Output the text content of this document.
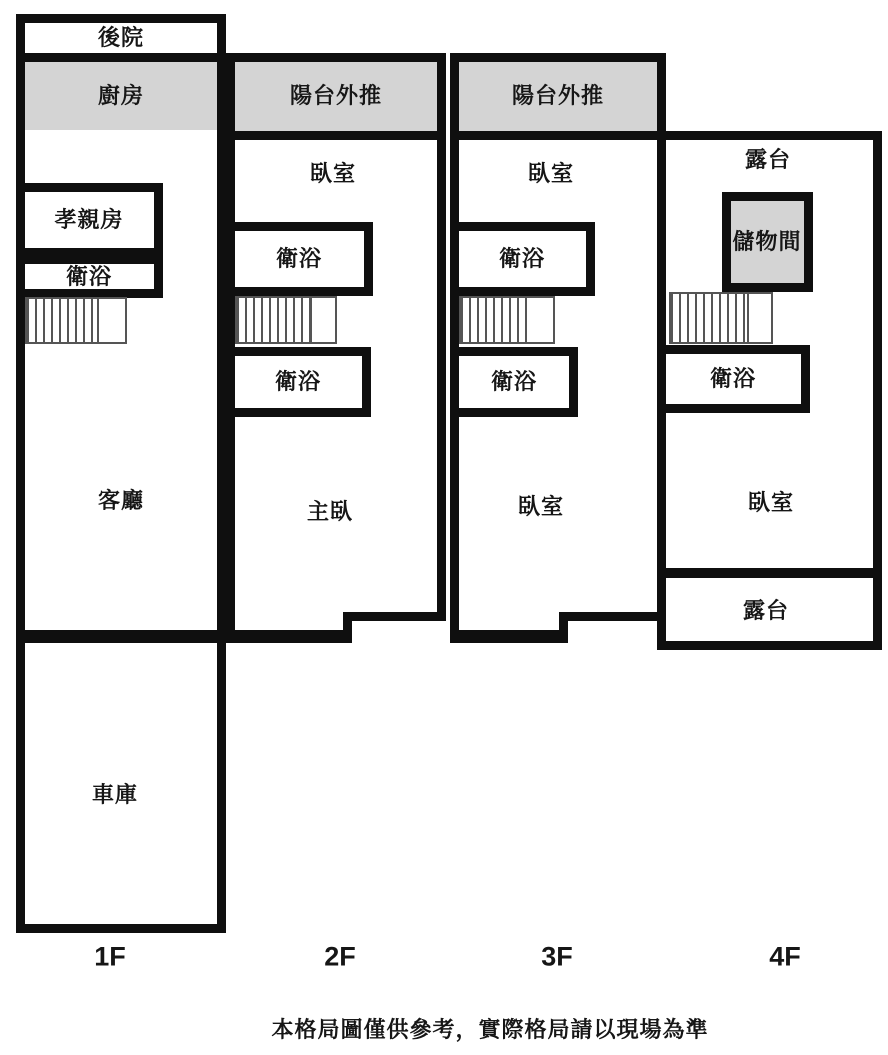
後院
廚房
孝親房
衛浴
客廳
車庫
陽台外推
臥室
衛浴
衛浴
主臥
陽台外推
臥室
衛浴
衛浴
臥室
露台
儲物間
衛浴
臥室
露台
1F	2F	3F	4F
本格局圖僅供參考，實際格局請以現場為準
